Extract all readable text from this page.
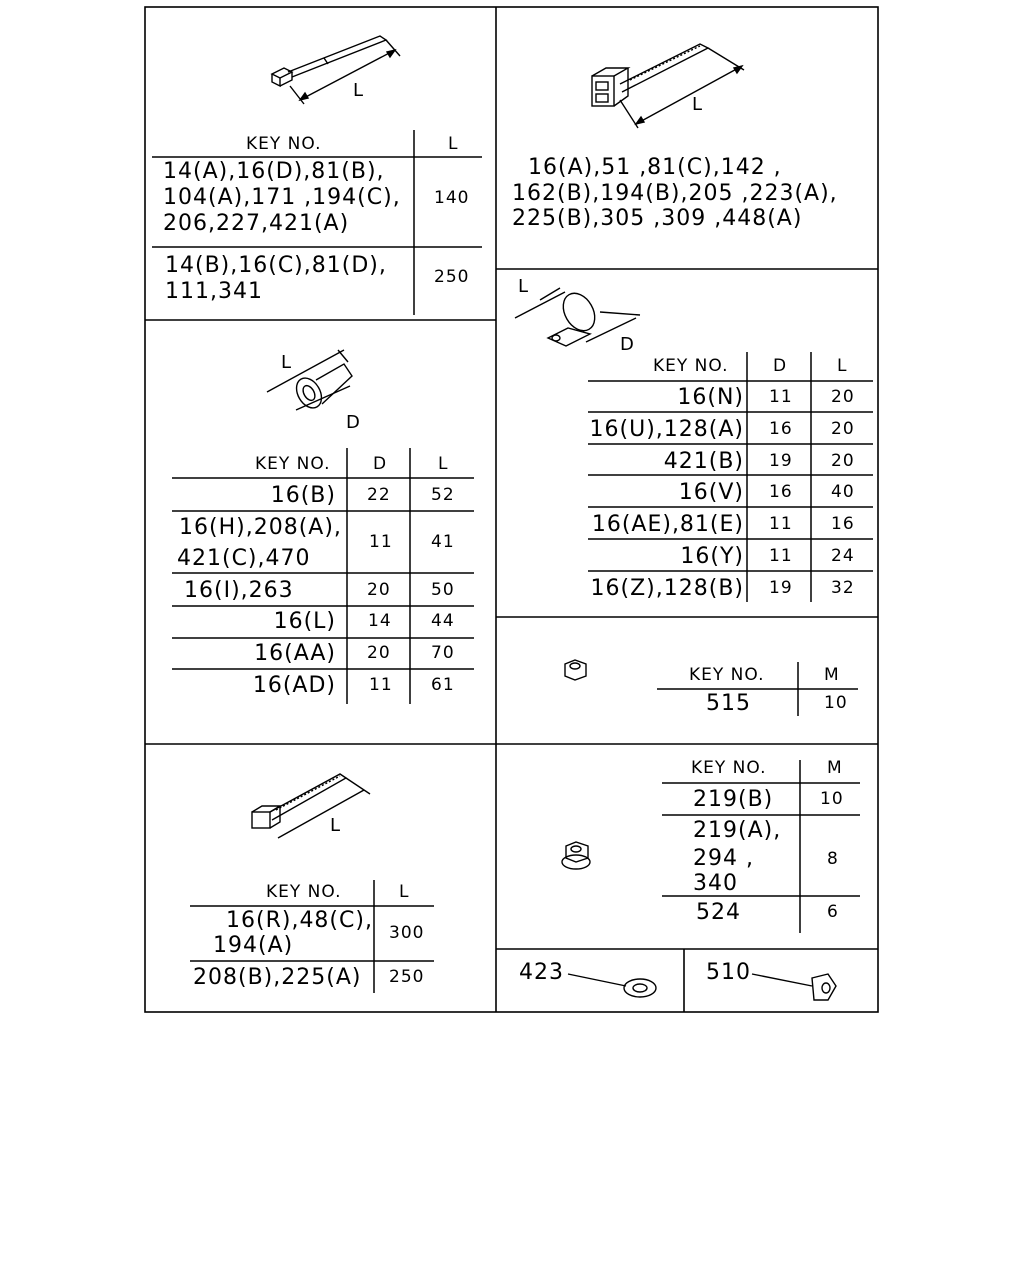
L
KEY NO.	L
14(A),16(D),81(B),
104(A),171 ,194(C),
206,227,421(A)
140
14(B),16(C),81(D),
111,341
250
L
16(A),51 ,81(C),142 ,
162(B),194(B),205 ,223(A),
225(B),305 ,309 ,448(A)
L
D
KEY NO.	D	L
16(B) 22 52
16(H),208(A),
421(C),470
11 41
16(I),263	20 50
16(L) 14 44
16(AA) 20 70
16(AD) 11 61
L
D
KEY NO.	D	L
16(N) 11 20
16(U),128(A) 16 20
421(B) 19 20
16(V) 16 40
16(AE),81(E) 11 16
16(Y) 11 24
16(Z),128(B) 19 32
KEY NO.	M
515	10
L
KEY NO.	L
16(R),48(C),
194(A)	300
208(B),225(A) 250
KEY NO.	M
219(B)	10
219(A),
294 ,
340
8
524	6
423	510
